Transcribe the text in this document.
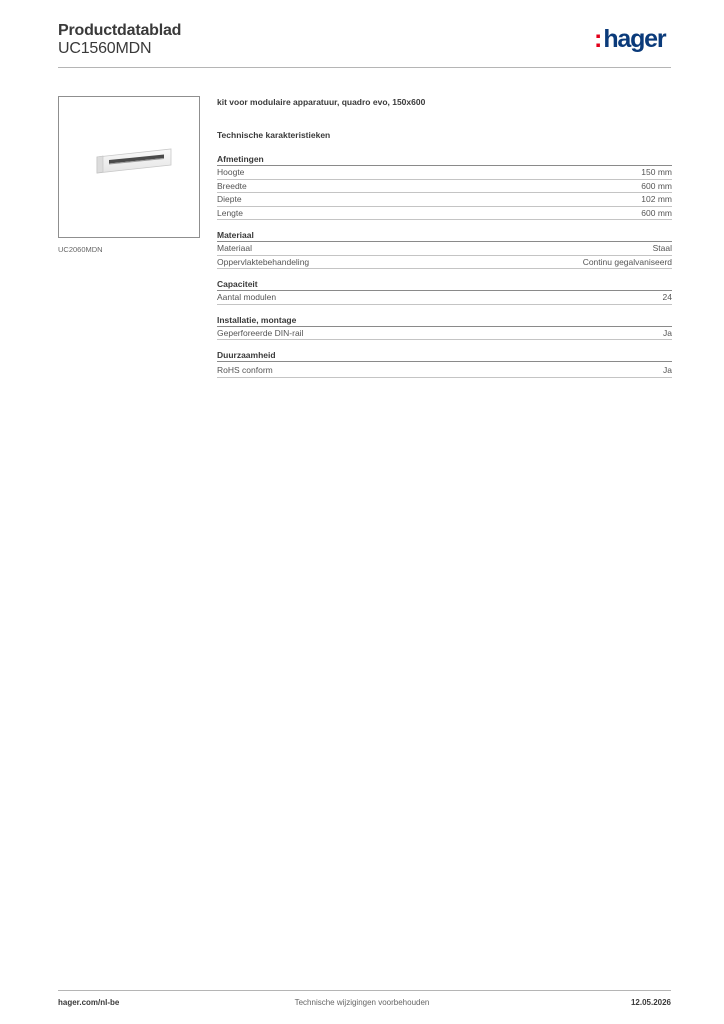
Productdatablad
UC1560MDN	:hager
UC2060MDN
kit voor modulaire apparatuur, quadro evo, 150x600
Technische karakteristieken
Afmetingen
Hoogte	150 mm
Breedte	600 mm
Diepte	102 mm
Lengte	600 mm
Materiaal
Materiaal	Staal
Oppervlaktebehandeling	Continu gegalvaniseerd
Capaciteit
Aantal modulen	24
Installatie, montage
Geperforeerde DIN-rail	Ja
Duurzaamheid
RoHS conform	Ja
hager.com/nl-be	Technische wijzigingen voorbehouden	12.05.2026
